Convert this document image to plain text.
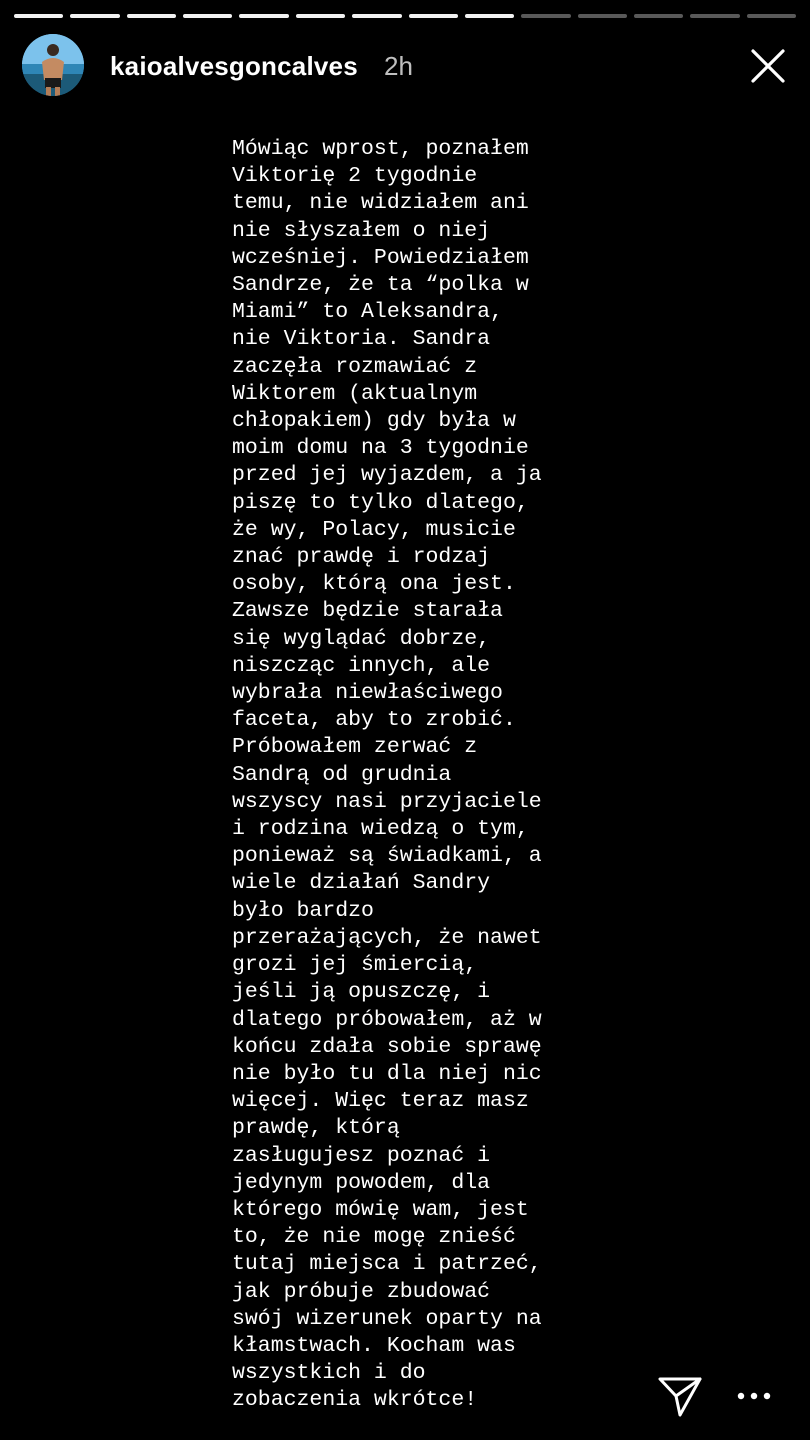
kaioalvesgoncalves 2h
Mówiąc wprost, poznałem
Viktorię 2 tygodnie
temu, nie widziałem ani
nie słyszałem o niej
wcześniej. Powiedziałem
Sandrze, że ta “polka w
Miami” to Aleksandra,
nie Viktoria. Sandra
zaczęła rozmawiać z
Wiktorem (aktualnym
chłopakiem) gdy była w
moim domu na 3 tygodnie
przed jej wyjazdem, a ja
piszę to tylko dlatego,
że wy, Polacy, musicie
znać prawdę i rodzaj
osoby, którą ona jest.
Zawsze będzie starała
się wyglądać dobrze,
niszcząc innych, ale
wybrała niewłaściwego
faceta, aby to zrobić.
Próbowałem zerwać z
Sandrą od grudnia
wszyscy nasi przyjaciele
i rodzina wiedzą o tym,
ponieważ są świadkami, a
wiele działań Sandry
było bardzo
przerażających, że nawet
grozi jej śmiercią,
jeśli ją opuszczę, i
dlatego próbowałem, aż w
końcu zdała sobie sprawę
nie było tu dla niej nic
więcej. Więc teraz masz
prawdę, którą
zasługujesz poznać i
jedynym powodem, dla
którego mówię wam, jest
to, że nie mogę znieść
tutaj miejsca i patrzeć,
jak próbuje zbudować
swój wizerunek oparty na
kłamstwach. Kocham was
wszystkich i do
zobaczenia wkrótce!
